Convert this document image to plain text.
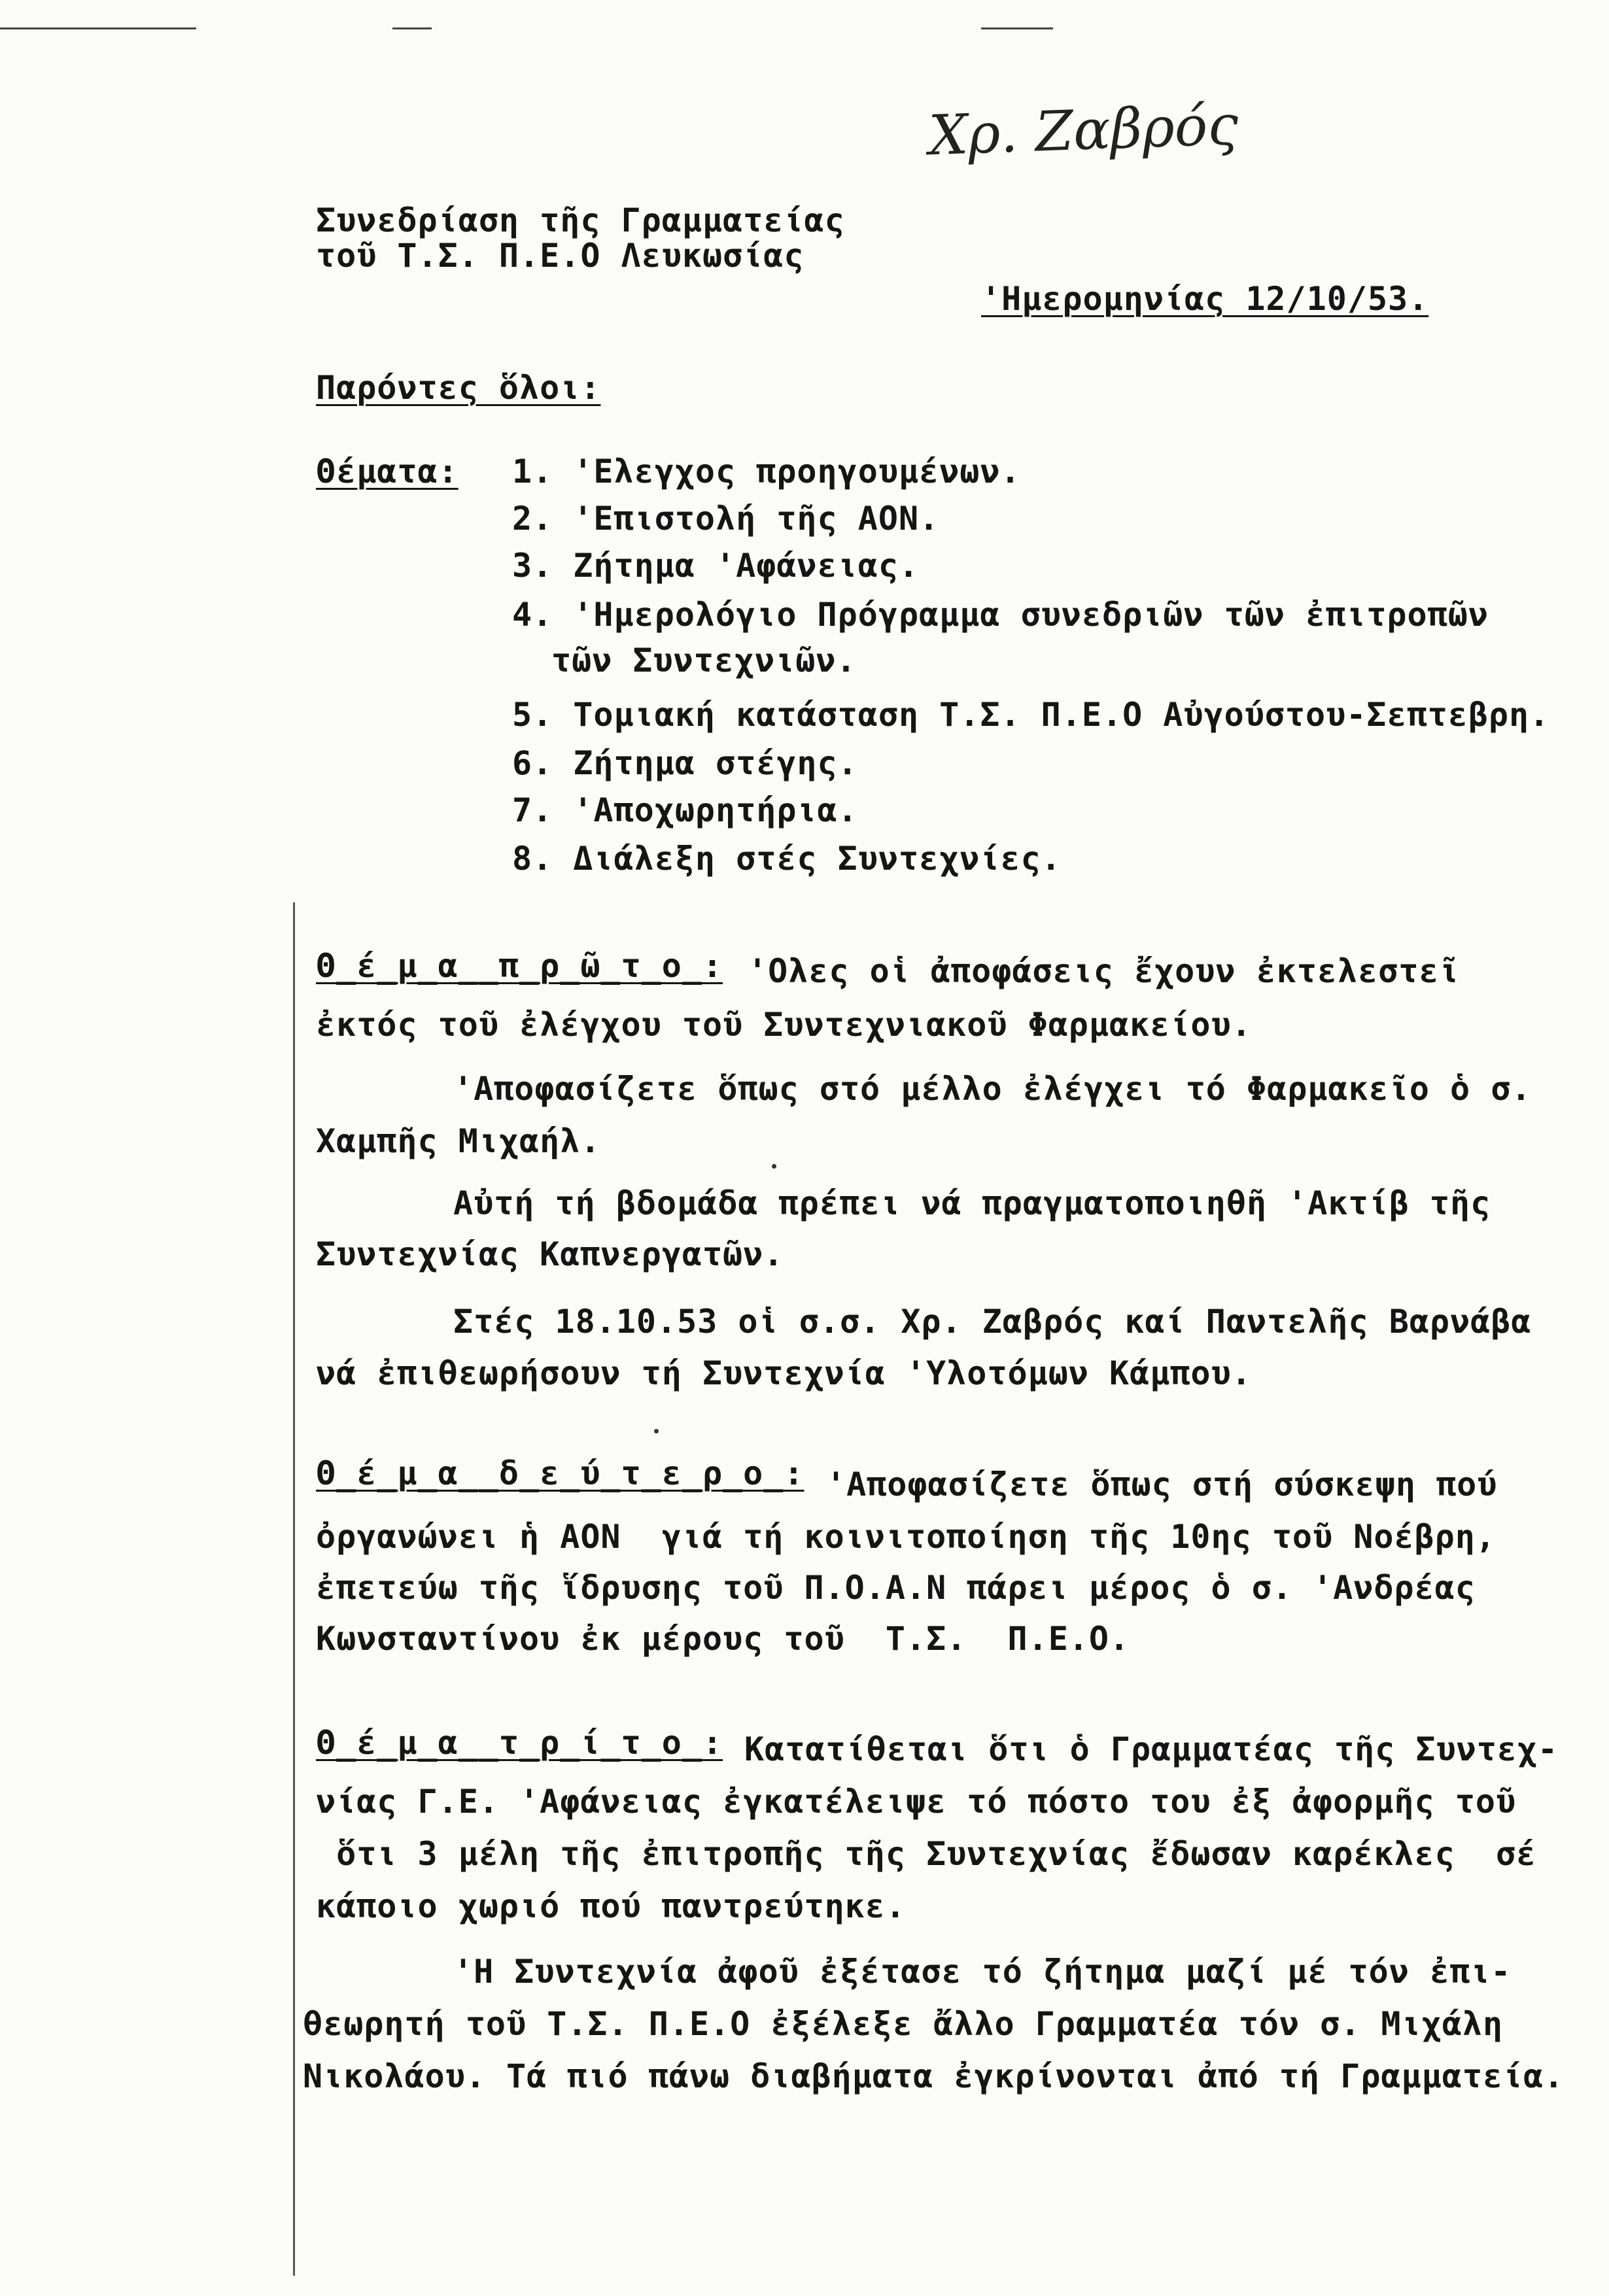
Χρ. Ζαβρός
Συνεδρίαση τῆς Γραμματείας
τοῦ Τ.Σ. Π.Ε.Ο Λευκωσίας
'Ημερομηνίας 12/10/53.
Παρόντες ὅλοι:
Θέματα: 1. 'Ελεγχος προηγουμένων.
2. 'Επιστολή τῆς ΑΟΝ.
3. Ζήτημα 'Αφάνειας.
4. 'Ημερολόγιο Πρόγραμμα συνεδριῶν τῶν ἐπιτροπῶν
τῶν Συντεχνιῶν.
5. Τομιακή κατάσταση Τ.Σ. Π.Ε.Ο Αὐγούστου-Σεπτεβρη.
6. Ζήτημα στέγης.
7. 'Αποχωρητήρια.
8. Διάλεξη στές Συντεχνίες.
Θ_έ_μ_α__π_ρ_ῶ_τ_ο_: 'Ολες οἱ ἀποφάσεις ἔχουν ἐκτελεστεῖ
ἐκτός τοῦ ἐλέγχου τοῦ Συντεχνιακοῦ Φαρμακείου.
'Αποφασίζετε ὅπως στό μέλλο ἐλέγχει τό Φαρμακεῖο ὁ σ.
Χαμπῆς Μιχαήλ.
Αὐτή τή βδομάδα πρέπει νά πραγματοποιηθῆ 'Ακτίβ τῆς
Συντεχνίας Καπνεργατῶν.
Στές 18.10.53 οἱ σ.σ. Χρ. Ζαβρός καί Παντελῆς Βαρνάβα
νά ἐπιθεωρήσουν τή Συντεχνία 'Υλοτόμων Κάμπου.
Θ_έ_μ_α__δ_ε_ύ_τ_ε_ρ_ο_: 'Αποφασίζετε ὅπως στή σύσκεψη πού
ὀργανώνει ἡ ΑΟΝ  γιά τή κοινιτοποίηση τῆς 10ης τοῦ Νοέβρη,
ἐπετεύω τῆς ἵδρυσης τοῦ Π.Ο.Α.Ν πάρει μέρος ὁ σ. 'Ανδρέας
Κωνσταντίνου ἐκ μέρους τοῦ  Τ.Σ.  Π.Ε.Ο.
Θ_έ_μ_α__τ_ρ_ί_τ_ο_: Κατατίθεται ὅτι ὁ Γραμματέας τῆς Συντεχ-
νίας Γ.Ε. 'Αφάνειας ἐγκατέλειψε τό πόστο του ἐξ ἀφορμῆς τοῦ
ὅτι 3 μέλη τῆς ἐπιτροπῆς τῆς Συντεχνίας ἔδωσαν καρέκλες  σέ
κάποιο χωριό πού παντρεύτηκε.
'Η Συντεχνία ἀφοῦ ἐξέτασε τό ζήτημα μαζί μέ τόν ἐπι-
θεωρητή τοῦ Τ.Σ. Π.Ε.Ο ἐξέλεξε ἄλλο Γραμματέα τόν σ. Μιχάλη
Νικολάου. Τά πιό πάνω διαβήματα ἐγκρίνονται ἀπό τή Γραμματεία.
